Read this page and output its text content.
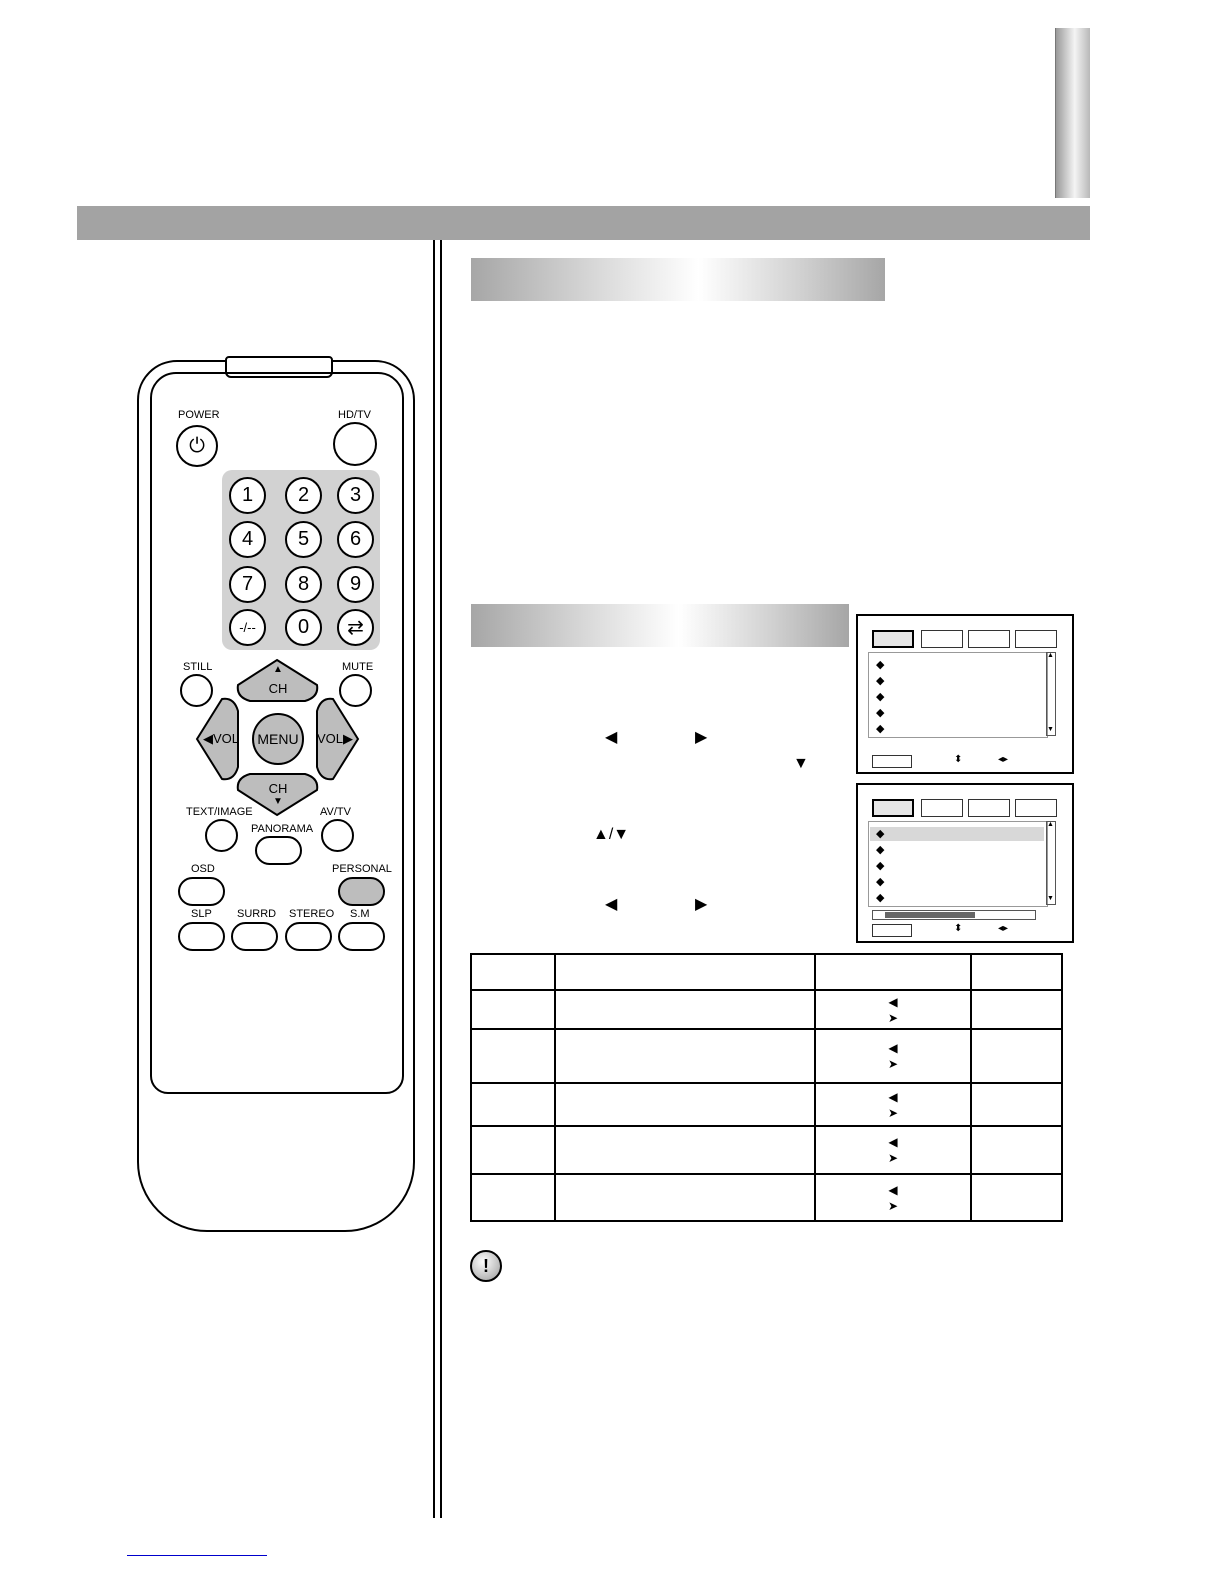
POWER
⏻
HD/TV
1	2	3
4	5	6
7	8	9
-/--	0	⇄
STILL	MUTE
▲
CH
CH
▼
◀VOL	VOL▶
MENU
TEXT/IMAGE	AV/TV
PANORAMA
OSD	PERSONAL
SLP SURRD STEREO S.M
◀	▶
▼
▲/▼
◀	▶
◆
◆
◆
◆
◆
▲
▼
⬍	◂▸
◆
◆
◆
◆
◆
▲
▼
⬍	◂▸

		◀
➤	

		◀
➤	

		◀
➤	

		◀
➤	

		◀
➤	

!
